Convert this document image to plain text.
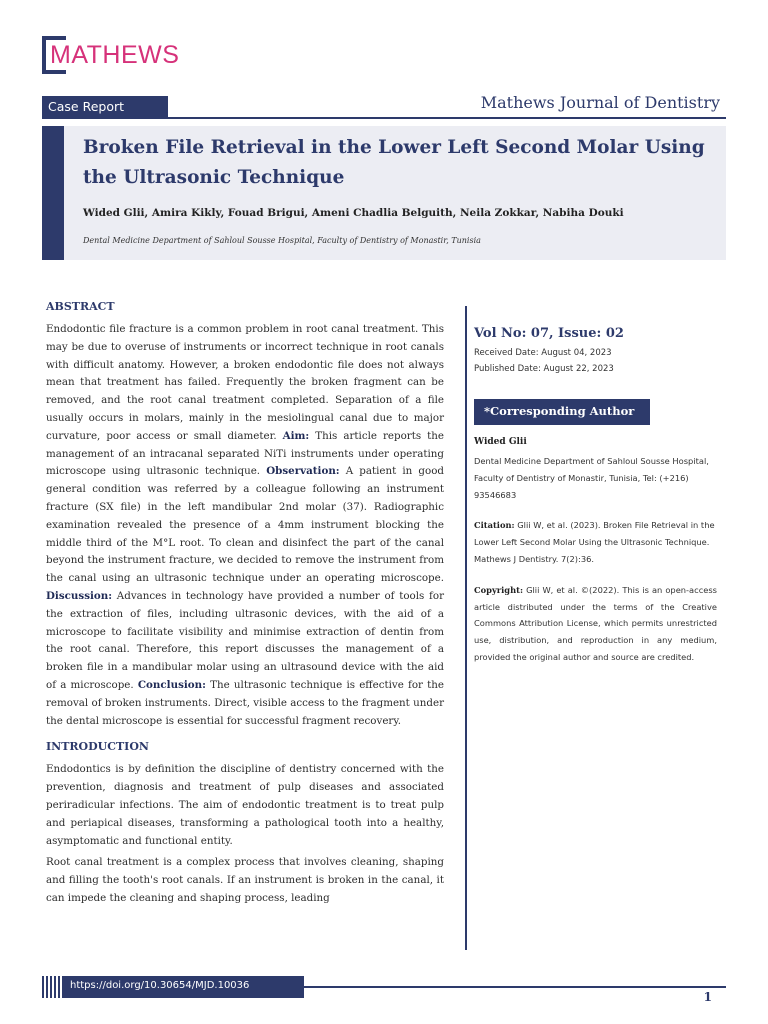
MATHEWS
Case Report	Mathews Journal of Dentistry
Broken File Retrieval in the Lower Left Second Molar Using the Ultrasonic Technique
Wided Glii, Amira Kikly, Fouad Brigui, Ameni Chadlia Belguith, Neila Zokkar, Nabiha Douki
Dental Medicine Department of Sahloul Sousse Hospital, Faculty of Dentistry of Monastir, Tunisia
ABSTRACT

Endodontic file fracture is a common problem in root canal treatment. This may be due to overuse of instruments or incorrect technique in root canals with difficult anatomy. However, a broken endodontic file does not always mean that treatment has failed. Frequently the broken fragment can be removed, and the root canal treatment completed. Separation of a file usually occurs in molars, mainly in the mesiolingual canal due to major curvature, poor access or small diameter. Aim: This article reports the management of an intracanal separated NiTi instruments under operating microscope using ultrasonic technique. Observation: A patient in good general condition was referred by a colleague following an instrument fracture (SX file) in the left mandibular 2nd molar (37). Radiographic examination revealed the presence of a 4mm instrument blocking the middle third of the M°L root. To clean and disinfect the part of the canal beyond the instrument fracture, we decided to remove the instrument from the canal using an ultrasonic technique under an operating microscope. Discussion: Advances in technology have provided a number of tools for the extraction of files, including ultrasonic devices, with the aid of a microscope to facilitate visibility and minimise extraction of dentin from the root canal. Therefore, this report discusses the management of a broken file in a mandibular molar using an ultrasound device with the aid of a microscope. Conclusion: The ultrasonic technique is effective for the removal of broken instruments. Direct, visible access to the fragment under the dental microscope is essential for successful fragment recovery.

INTRODUCTION

Endodontics is by definition the discipline of dentistry concerned with the prevention, diagnosis and treatment of pulp diseases and associated periradicular infections. The aim of endodontic treatment is to treat pulp and periapical diseases, transforming a pathological tooth into a healthy, asymptomatic and functional entity.

Root canal treatment is a complex process that involves cleaning, shaping and filling the tooth's root canals. If an instrument is broken in the canal, it can impede the cleaning and shaping process, leading

Vol No: 07, Issue: 02
Received Date: August 04, 2023
Published Date: August 22, 2023
*Corresponding Author
Wided Glii
Dental Medicine Department of Sahloul Sousse Hospital, Faculty of Dentistry of Monastir, Tunisia, Tel: (+216) 93546683

Citation: Glii W, et al. (2023). Broken File Retrieval in the Lower Left Second Molar Using the Ultrasonic Technique. Mathews J Dentistry. 7(2):36.

Copyright: Glii W, et al. ©(2022). This is an open-access article distributed under the terms of the Creative Commons Attribution License, which permits unrestricted use, distribution, and reproduction in any medium, provided the original author and source are credited.

https://doi.org/10.30654/MJD.10036
1
